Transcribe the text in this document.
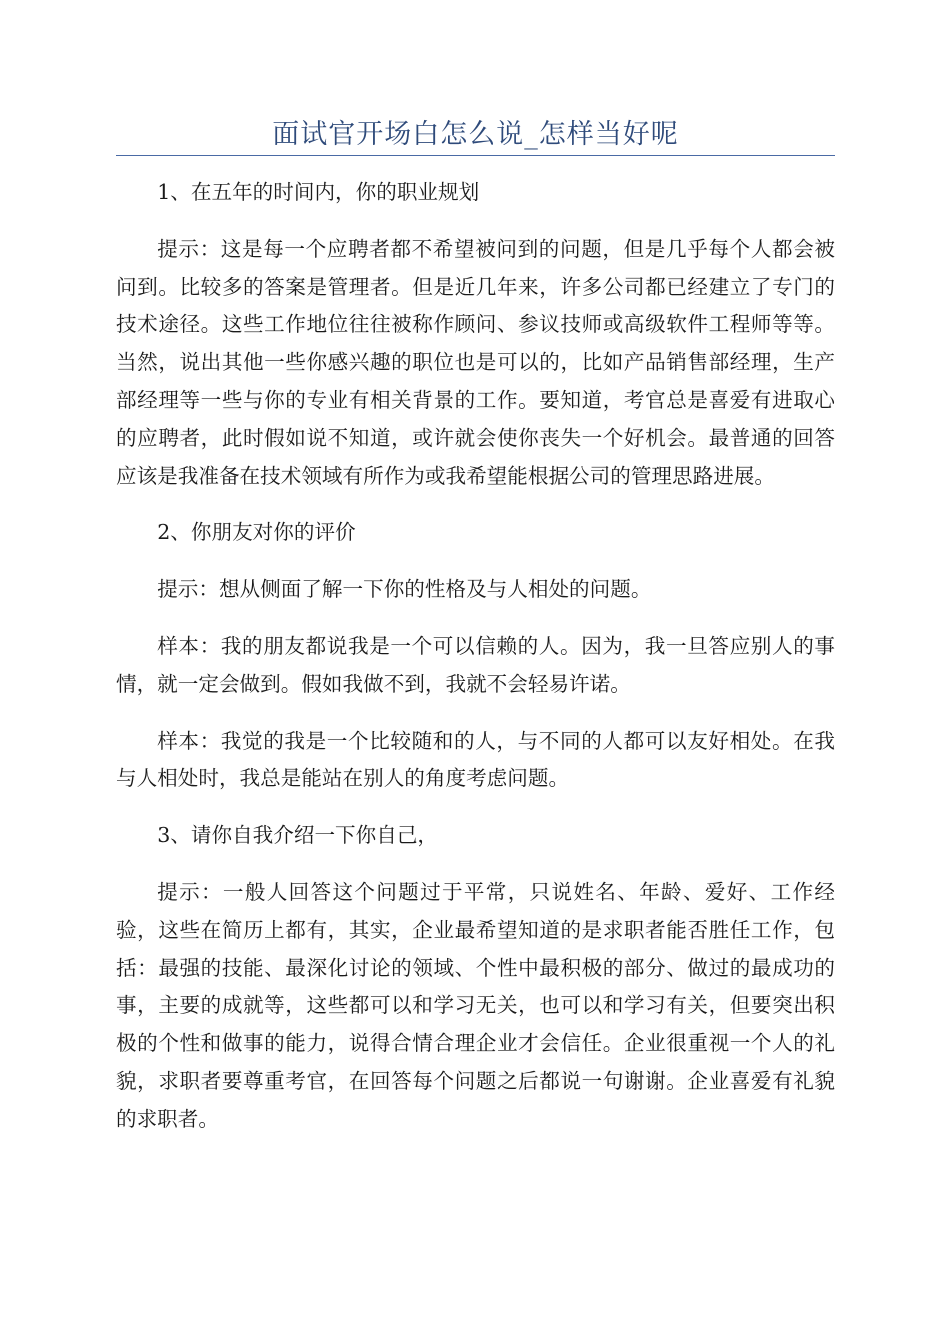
面试官开场白怎么说_怎样当好呢

1、在五年的时间内，你的职业规划

提示：这是每一个应聘者都不希望被问到的问题，但是几乎每个人都会被问到。比较多的答案是管理者。但是近几年来，许多公司都已经建立了专门的技术途径。这些工作地位往往被称作顾问、参议技师或高级软件工程师等等。当然，说出其他一些你感兴趣的职位也是可以的，比如产品销售部经理，生产部经理等一些与你的专业有相关背景的工作。要知道，考官总是喜爱有进取心的应聘者，此时假如说不知道，或许就会使你丧失一个好机会。最普通的回答应该是我准备在技术领域有所作为或我希望能根据公司的管理思路进展。

2、你朋友对你的评价

提示：想从侧面了解一下你的性格及与人相处的问题。

样本：我的朋友都说我是一个可以信赖的人。因为，我一旦答应别人的事情，就一定会做到。假如我做不到，我就不会轻易许诺。

样本：我觉的我是一个比较随和的人，与不同的人都可以友好相处。在我与人相处时，我总是能站在别人的角度考虑问题。

3、请你自我介绍一下你自己，

提示：一般人回答这个问题过于平常，只说姓名、年龄、爱好、工作经验，这些在简历上都有，其实，企业最希望知道的是求职者能否胜任工作，包括：最强的技能、最深化讨论的领域、个性中最积极的部分、做过的最成功的事，主要的成就等，这些都可以和学习无关，也可以和学习有关，但要突出积极的个性和做事的能力，说得合情合理企业才会信任。企业很重视一个人的礼貌，求职者要尊重考官，在回答每个问题之后都说一句谢谢。企业喜爱有礼貌的求职者。
